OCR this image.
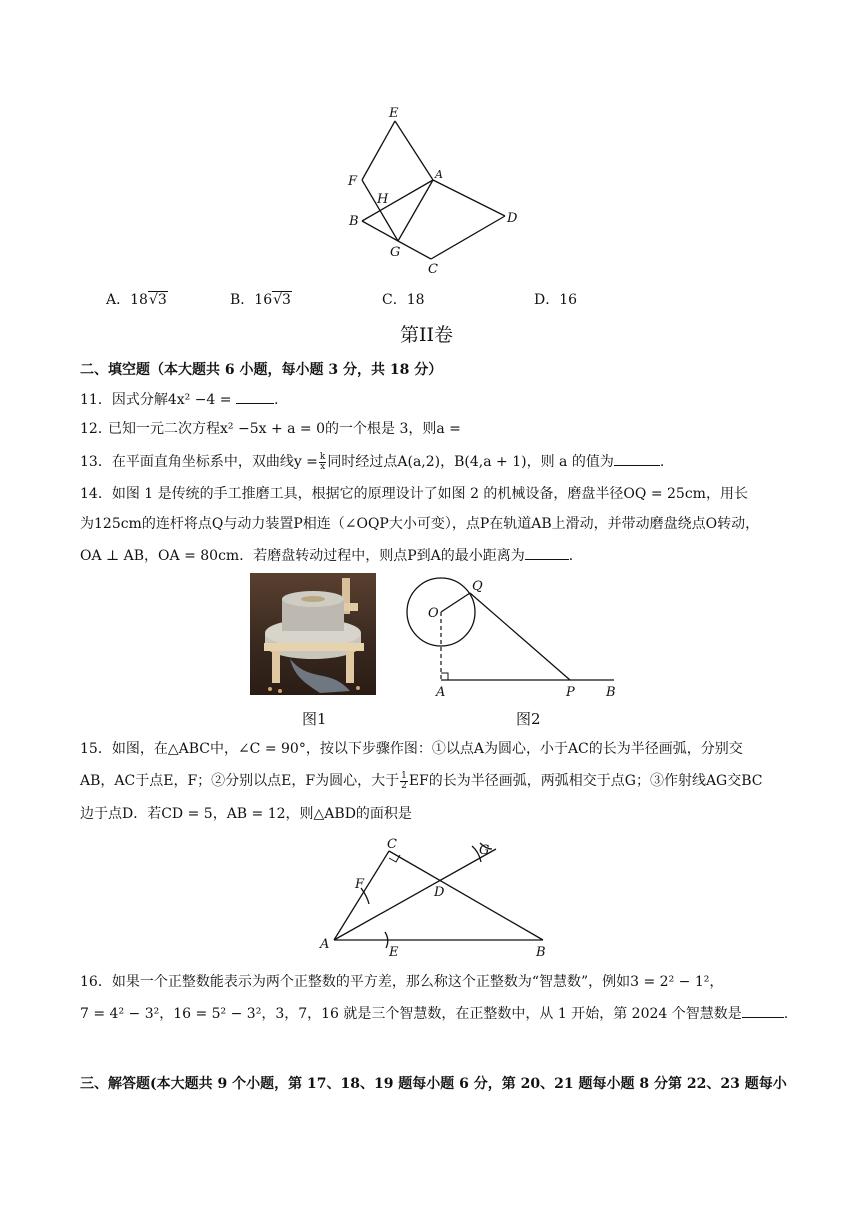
E
F
H
A
B	D
G
C
A．18√3	B．16√3	C．18	D．16
第II卷
二、填空题（本大题共 6 小题，每小题 3 分，共 18 分）
11．因式分解4x² −4 =	.
12．
已知一元二次方程x² −5x + a = 0的一个根是 3，则a =
13．在平面直角坐标系中，双曲线$y = \frac{k}{x}$ 同时经过点A(a,2)，B(4,a + 1)，则 a 的值为	.
14．如图 1 是传统的手工推磨工具，根据它的原理设计了如图 2 的机械设备，磨盘半径OQ = 25cm，用长
为125cm的连杆将点Q与动力装置P相连（∠OQP大小可变），点P在轨道AB上滑动，并带动磨盘绕点O转动，
OA ⊥ AB，OA = 80cm．若磨盘转动过程中，则点P到A的最小距离为	．
图1
O
Q
A	P B
图2
15．如图，在△ABC中，∠C = 90°，按以下步骤作图：①以点A为圆心，小于AC的长为半径画弧，分别交
AB，AC于点E，F；②分别以点E，F为圆心，大于 $\frac{1}{2}$ EF的长为半径画弧，两弧相交于点G；③作射线AG交BC
边于点D．若CD = 5，AB = 12，则△ABD的面积是
C	G
F
D
A
E	B
16．如果一个正整数能表示为两个正整数的平方差，那么称这个正整数为“智慧数”，例如3 = 2² − 1²，
7 = 4² − 3²，16 = 5² − 3²，3，7，16 就是三个智慧数，在正整数中，从 1 开始，第 2024 个智慧数是	.
三、解答题(本大题共 9 个小题，第 17、18、19 题每小题 6 分，第 20、21 题每小题 8 分第 22、23 题每小
